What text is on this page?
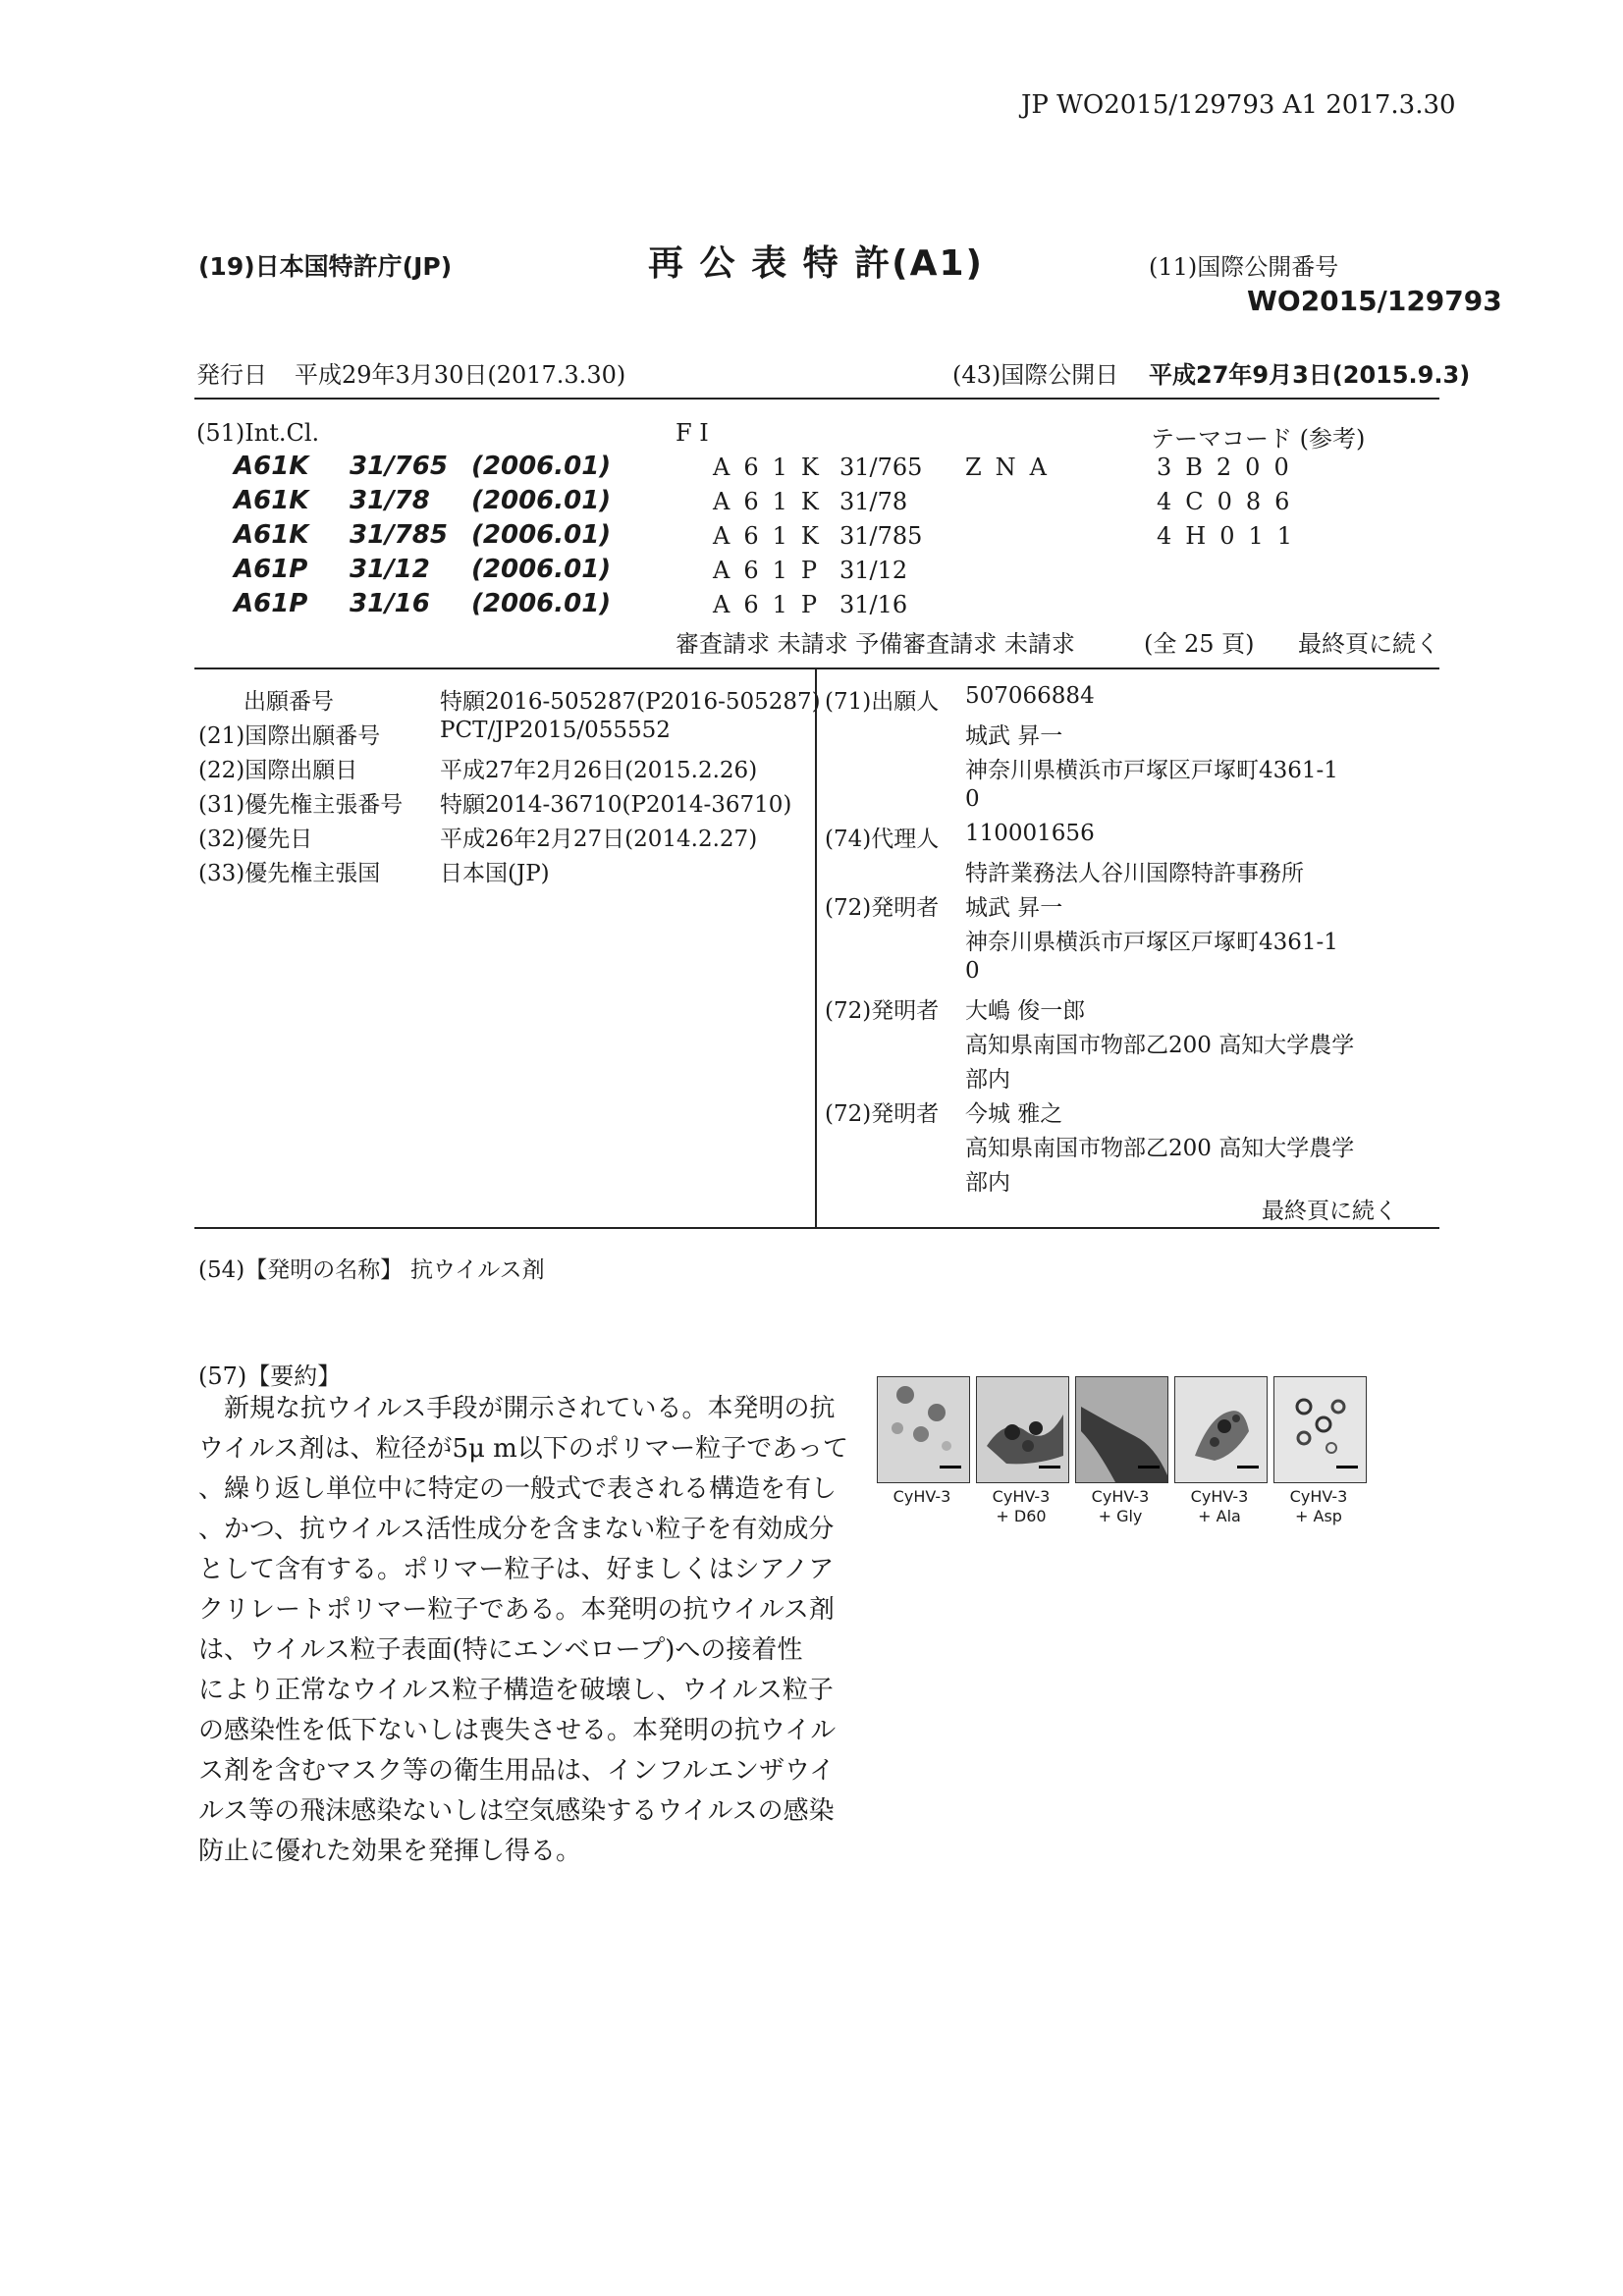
JP WO2015/129793 A1 2017.3.30
(19)日本国特許庁(JP)	再 公 表 特 許(A1)	(11)国際公開番号
WO2015/129793
発行日 平成29年3月30日(2017.3.30)	(43)国際公開日 平成27年9月3日(2015.9.3)
(51)Int.Cl.	F I	テーマコード (参考)
A61K 31/765 (2006.01)	A61K 31/765 ZNA	3B200
A61K 31/78 (2006.01)	A61K 31/78	4C086
A61K 31/785 (2006.01)	A61K 31/785	4H011
A61P 31/12 (2006.01)	A61P 31/12
A61P 31/16 (2006.01)	A61P 31/16
審査請求 未請求 予備審査請求 未請求	(全 25 頁) 最終頁に続く
出願番号	特願2016-505287(P2016-505287)
(21)国際出願番号	PCT/JP2015/055552
(22)国際出願日	平成27年2月26日(2015.2.26)
(31)優先権主張番号 特願2014-36710(P2014-36710)
(32)優先日	平成26年2月27日(2014.2.27)
(33)優先権主張国	日本国(JP)
(71)出願人 507066884
城武 昇一
神奈川県横浜市戸塚区戸塚町4361-1
0
(74)代理人 110001656
特許業務法人谷川国際特許事務所
(72)発明者 城武 昇一
神奈川県横浜市戸塚区戸塚町4361-1
0
(72)発明者 大嶋 俊一郎
高知県南国市物部乙200 高知大学農学
部内
(72)発明者 今城 雅之
高知県南国市物部乙200 高知大学農学
部内
最終頁に続く
(54)【発明の名称】 抗ウイルス剤
(57)【要約】
新規な抗ウイルス手段が開示されている。本発明の抗
ウイルス剤は、粒径が5μ m以下のポリマー粒子であって
、繰り返し単位中に特定の一般式で表される構造を有し
、かつ、抗ウイルス活性成分を含まない粒子を有効成分
として含有する。ポリマー粒子は、好ましくはシアノア
クリレートポリマー粒子である。本発明の抗ウイルス剤
は、ウイルス粒子表面(特にエンベロープ)への接着性
により正常なウイルス粒子構造を破壊し、ウイルス粒子
の感染性を低下ないしは喪失させる。本発明の抗ウイル
ス剤を含むマスク等の衛生用品は、インフルエンザウイ
ルス等の飛沫感染ないしは空気感染するウイルスの感染
防止に優れた効果を発揮し得る。
CyHV-3	CyHV-3
+ D60
CyHV-3
+ Gly
CyHV-3
+ Ala
CyHV-3
+ Asp
